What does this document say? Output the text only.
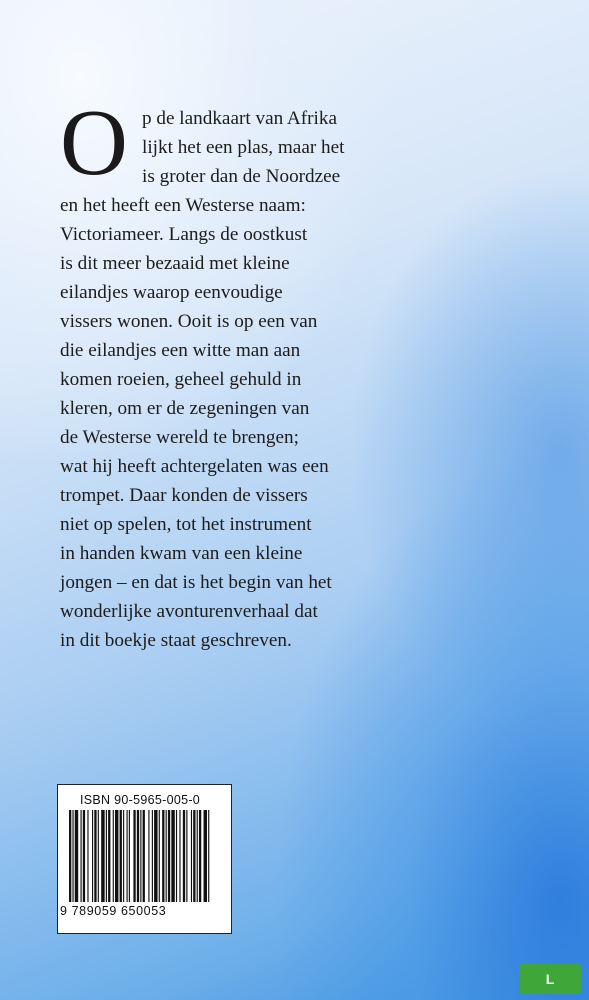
O p de landkaart van Afrika
lijkt het een plas, maar het
is groter dan de Noordzee
en het heeft een Westerse naam:
Victoriameer. Langs de oostkust
is dit meer bezaaid met kleine
eilandjes waarop eenvoudige
vissers wonen. Ooit is op een van
die eilandjes een witte man aan
komen roeien, geheel gehuld in
kleren, om er de zegeningen van
de Westerse wereld te brengen;
wat hij heeft achtergelaten was een
trompet. Daar konden de vissers
niet op spelen, tot het instrument
in handen kwam van een kleine
jongen – en dat is het begin van het
wonderlijke avonturenverhaal dat
in dit boekje staat geschreven.
ISBN 90-5965-005-0
9 789059 650053
L
